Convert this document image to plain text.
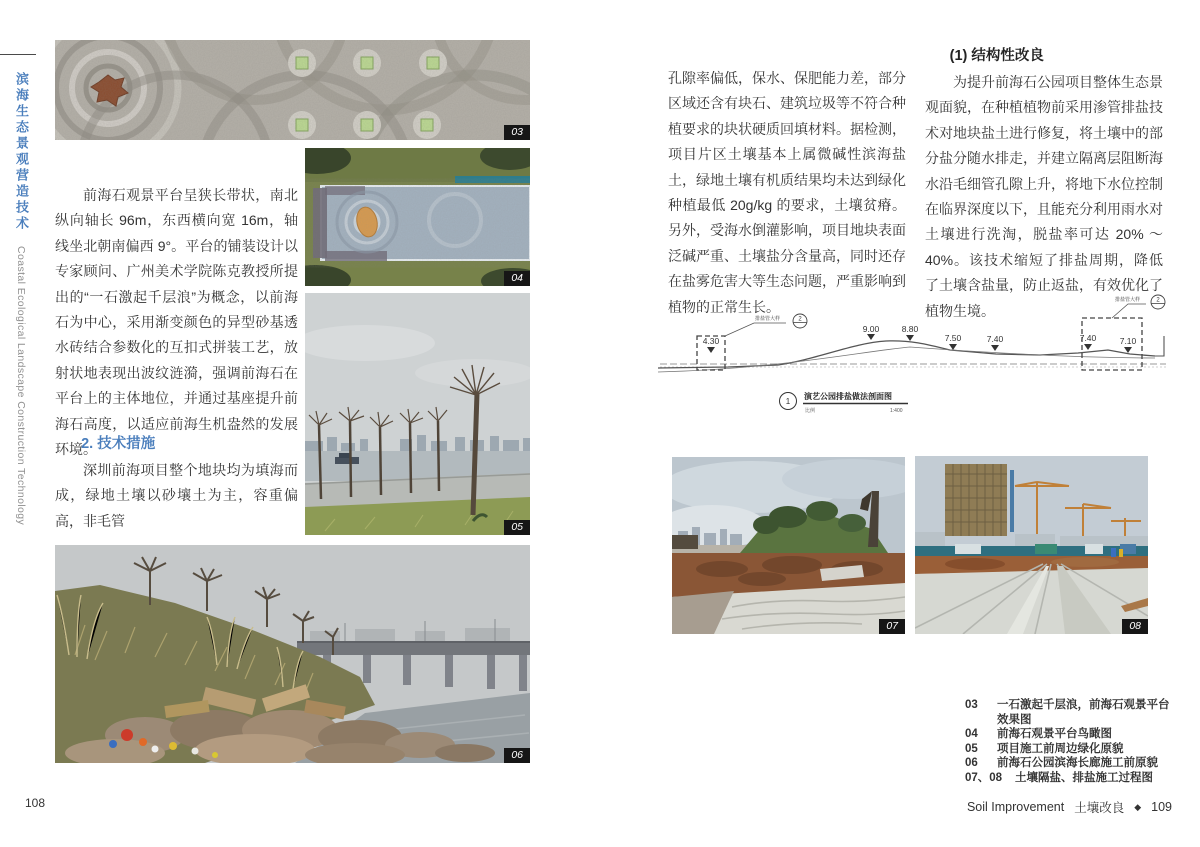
滨海生态景观营造技术 Coastal Ecological Landscape Construction Technology
03
04
05
前海石观景平台呈狭长带状，南北纵向轴长 96m，东西横向宽 16m，轴线坐北朝南偏西 9°。平台的铺装设计以专家顾问、广州美术学院陈克教授所提出的“一石激起千层浪”为概念，以前海石为中心，采用渐变颜色的异型砂基透水砖结合参数化的互扣式拼装工艺，放射状地表现出波纹涟漪，强调前海石在平台上的主体地位，并通过基座提升前海石高度，以适应前海生机盎然的发展环境。
2. 技术措施
深圳前海项目整个地块均为填海而成，绿地土壤以砂壤土为主，容重偏高，非毛管
06
108
孔隙率偏低，保水、保肥能力差，部分区域还含有块石、建筑垃圾等不符合种植要求的块状硬质回填材料。据检测，项目片区土壤基本上属微碱性滨海盐土，绿地土壤有机质结果均未达到绿化种植最低 20g/kg 的要求，土壤贫瘠。另外，受海水倒灌影响，项目地块表面泛碱严重、土壤盐分含量高，同时还存在盐雾危害大等生态问题，严重影响到植物的正常生长。
(1) 结构性改良
为提升前海石公园项目整体生态景观面貌，在种植植物前采用渗管排盐技术对地块盐土进行修复，将土壤中的部分盐分随水排走，并建立隔离层阻断海水沿毛细管孔隙上升，将地下水位控制在临界深度以下，且能充分利用雨水对土壤进行洗淘，脱盐率可达 20% ～ 40%。该技术缩短了排盐周期，降低了土壤含盐量，防止返盐，有效优化了植物生境。
排盐管大样	2
排盐管大样	2
4.30
9.00	8.80
7.50	7.40	7.40	7.10
1
演艺公园排盐做法剖面图
比例	1:400
07	08
03	一石激起千层浪，前海石观景平台效果图
04	前海石观景平台鸟瞰图
05	项目施工前周边绿化原貌
06	前海石公园滨海长廊施工前原貌
07、08	土壤隔盐、排盐施工过程图
Soil Improvement 土壤改良 ◆ 109
